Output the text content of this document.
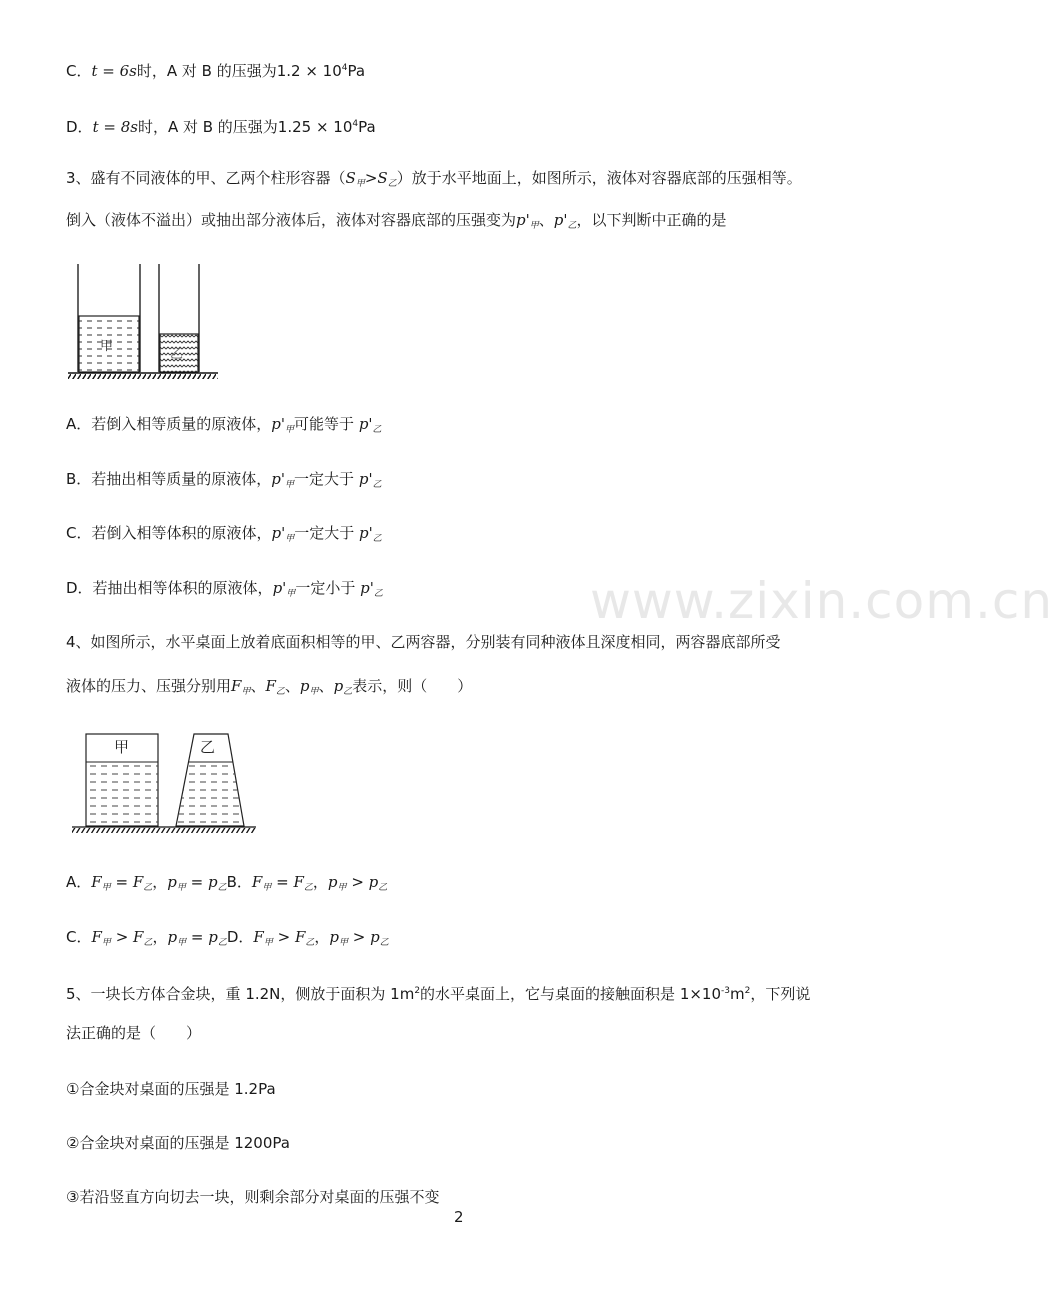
C．t = 6s时，A 对 B 的压强为$1.2 \times 10^4Pa$
D．t = 8s时，A 对 B 的压强为$1.25 \times 10^4Pa$
3、盛有不同液体的甲、乙两个柱形容器$(S_甲>S_乙)$放于水平地面上，如图所示，液体对容器底部的压强相等。
倒入（液体不溢出）或抽出部分液体后，液体对容器底部的压强变为$p'_甲$、$p'_乙$，以下判断中正确的是
甲
乙
A．若倒入相等质量的原液体，$p'_甲$可能等于 $p'_乙$
B．若抽出相等质量的原液体，$p'_甲$一定大于 $p'_乙$
C．若倒入相等体积的原液体，$p'_甲$一定大于 $p'_乙$
D．若抽出相等体积的原液体，$p'_甲$一定小于 $p'_乙$	www.zixin.com.cn
4、如图所示，水平桌面上放着底面积相等的甲、乙两容器，分别装有同种液体且深度相同，两容器底部所受
液体的压力、压强分别用$F_甲$、$F_乙$、$p_甲$、$p_乙$表示，则（　　）
甲	乙
A．$F_甲 = F_乙$，$p_甲 = p_乙B$．$F_甲 = F_乙$，$p_甲 > p_乙$
C．$F_甲 > F_乙$，$p_甲 = p_乙D$．$F_甲 > F_乙$，$p_甲 > p_乙$
5、一块长方体合金块，重 1.2N，侧放于面积为 $1m^2$的水平桌面上，它与桌面的接触面积是 $1\times 10^{-3}m^2$，下列说
法正确的是（　　）
①合金块对桌面的压强是 1.2Pa
②合金块对桌面的压强是 1200Pa
③若沿竖直方向切去一块，则剩余部分对桌面的压强不变
2
